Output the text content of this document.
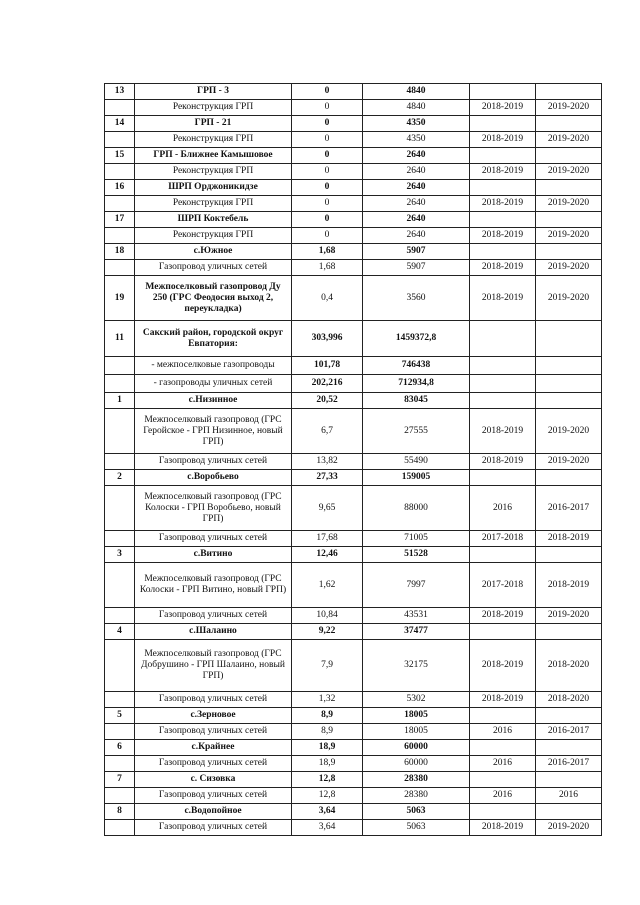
13	ГРП - 3	0	4840		
	Реконструкция ГРП	0	4840	2018-2019	2019-2020
14	ГРП - 21	0	4350		
	Реконструкция ГРП	0	4350	2018-2019	2019-2020
15	ГРП - Ближнее Камышовое	0	2640		
	Реконструкция ГРП	0	2640	2018-2019	2019-2020
16	ШРП Орджоникидзе	0	2640		
	Реконструкция ГРП	0	2640	2018-2019	2019-2020
17	ШРП Коктебель	0	2640		
	Реконструкция ГРП	0	2640	2018-2019	2019-2020
18	с.Южное	1,68	5907		
	Газопровод уличных сетей	1,68	5907	2018-2019	2019-2020
19	Межпоселковый газопровод Ду 250 (ГРС Феодосия выход 2, переукладка)	0,4	3560	2018-2019	2019-2020
11	Сакский район, городской округ Евпатория:	303,996	1459372,8		
	- межпоселковые газопроводы	101,78	746438		
	- газопроводы уличных сетей	202,216	712934,8		
1	с.Низинное	20,52	83045		
	Межпоселковый газопровод (ГРС Геройское - ГРП Низинное, новый ГРП)	6,7	27555	2018-2019	2019-2020
	Газопровод уличных сетей	13,82	55490	2018-2019	2019-2020
2	с.Воробьево	27,33	159005		
	Межпоселковый газопровод (ГРС Колоски - ГРП Воробьево, новый ГРП)	9,65	88000	2016	2016-2017
	Газопровод уличных сетей	17,68	71005	2017-2018	2018-2019
3	с.Витино	12,46	51528		
	Межпоселковый газопровод (ГРС Колоски - ГРП Витино, новый ГРП)	1,62	7997	2017-2018	2018-2019
	Газопровод уличных сетей	10,84	43531	2018-2019	2019-2020
4	с.Шалаино	9,22	37477		
	Межпоселковый газопровод (ГРС Добрушино - ГРП Шалаино, новый ГРП)	7,9	32175	2018-2019	2018-2020
	Газопровод уличных сетей	1,32	5302	2018-2019	2018-2020
5	с.Зерновое	8,9	18005		
	Газопровод уличных сетей	8,9	18005	2016	2016-2017
6	с.Крайнее	18,9	60000		
	Газопровод уличных сетей	18,9	60000	2016	2016-2017
7	с. Сизовка	12,8	28380		
	Газопровод уличных сетей	12,8	28380	2016	2016
8	с.Водопойное	3,64	5063		
	Газопровод уличных сетей	3,64	5063	2018-2019	2019-2020
